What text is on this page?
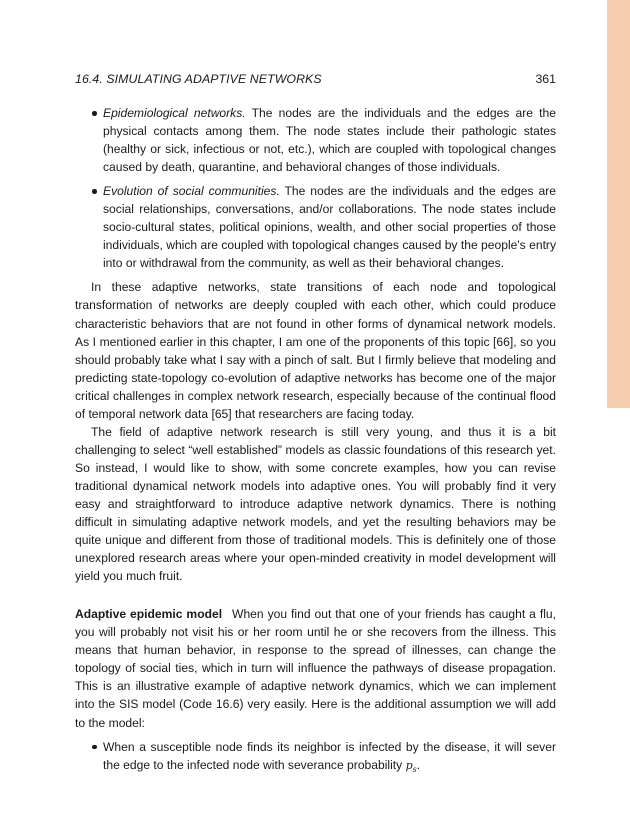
16.4. SIMULATING ADAPTIVE NETWORKS	361
Epidemiological networks. The nodes are the individuals and the edges are the physical contacts among them. The node states include their pathologic states (healthy or sick, infectious or not, etc.), which are coupled with topological changes caused by death, quarantine, and behavioral changes of those individuals.
Evolution of social communities. The nodes are the individuals and the edges are social relationships, conversations, and/or collaborations. The node states include socio-cultural states, political opinions, wealth, and other social properties of those individuals, which are coupled with topological changes caused by the people's entry into or withdrawal from the community, as well as their behavioral changes.

In these adaptive networks, state transitions of each node and topological transformation of networks are deeply coupled with each other, which could produce characteristic behaviors that are not found in other forms of dynamical network models. As I mentioned earlier in this chapter, I am one of the proponents of this topic [66], so you should probably take what I say with a pinch of salt. But I firmly believe that modeling and predicting state-topology co-evolution of adaptive networks has become one of the major critical challenges in complex network research, especially because of the continual flood of temporal network data [65] that researchers are facing today.

The field of adaptive network research is still very young, and thus it is a bit challenging to select “well established” models as classic foundations of this research yet. So instead, I would like to show, with some concrete examples, how you can revise traditional dynamical network models into adaptive ones. You will probably find it very easy and straightforward to introduce adaptive network dynamics. There is nothing difficult in simulating adaptive network models, and yet the resulting behaviors may be quite unique and different from those of traditional models. This is definitely one of those unexplored research areas where your open-minded creativity in model development will yield you much fruit.

Adaptive epidemic model When you find out that one of your friends has caught a flu, you will probably not visit his or her room until he or she recovers from the illness. This means that human behavior, in response to the spread of illnesses, can change the topology of social ties, which in turn will influence the pathways of disease propagation. This is an illustrative example of adaptive network dynamics, which we can implement into the SIS model (Code 16.6) very easily. Here is the additional assumption we will add to the model:

When a susceptible node finds its neighbor is infected by the disease, it will sever the edge to the infected node with severance probability $p_s$.
